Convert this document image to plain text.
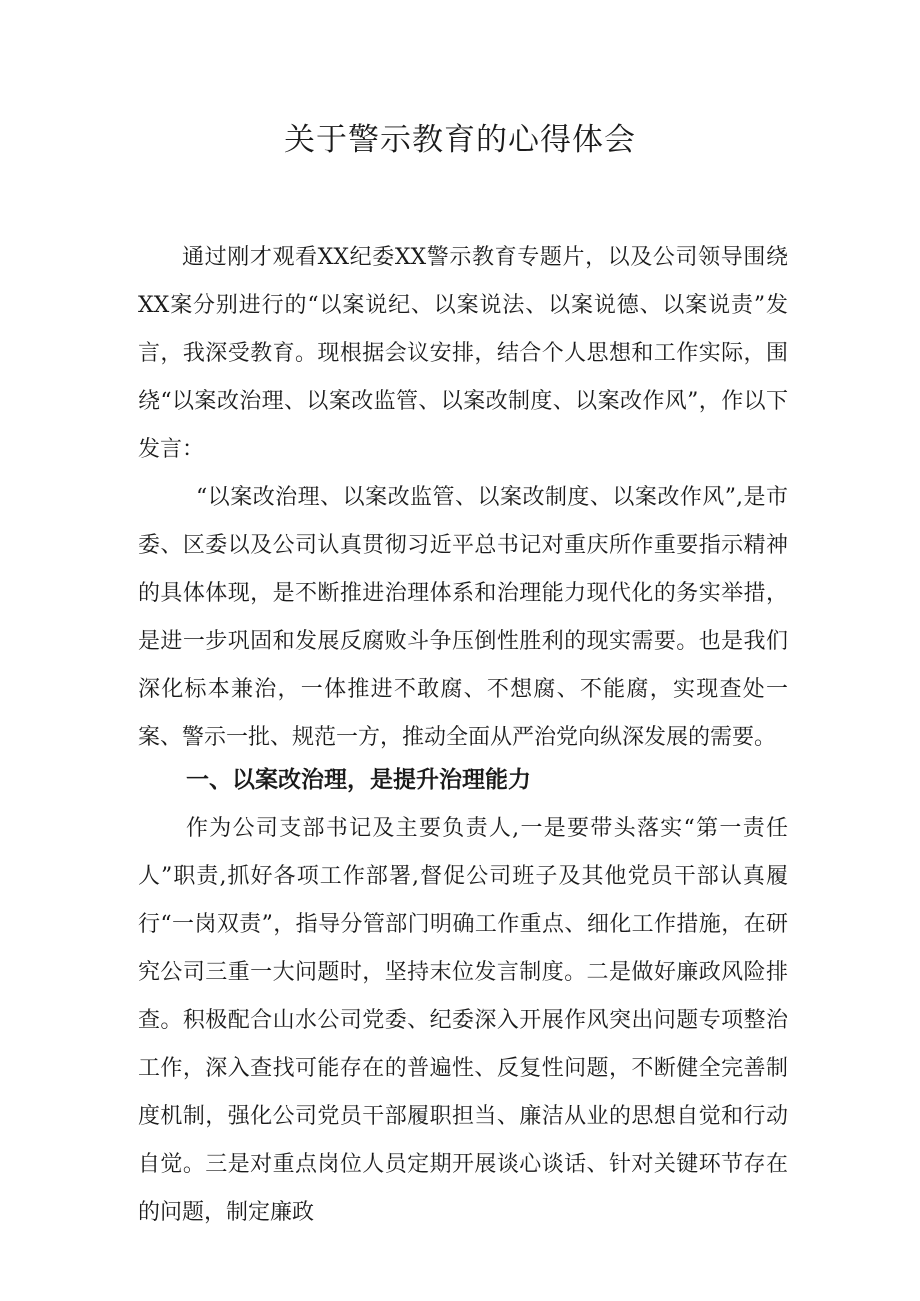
关于警示教育的心得体会

通过刚才观看XX纪委XX警示教育专题片，以及公司领导围绕XX案分别进行的“以案说纪、以案说法、以案说德、以案说责”发言，我深受教育。现根据会议安排，结合个人思想和工作实际，围绕“以案改治理、以案改监管、以案改制度、以案改作风”，作以下发言：

“以案改治理、以案改监管、以案改制度、以案改作风”,是市委、区委以及公司认真贯彻习近平总书记对重庆所作重要指示精神的具体体现，是不断推进治理体系和治理能力现代化的务实举措，是进一步巩固和发展反腐败斗争压倒性胜利的现实需要。也是我们深化标本兼治，一体推进不敢腐、不想腐、不能腐，实现查处一案、警示一批、规范一方，推动全面从严治党向纵深发展的需要。

一、以案改治理，是提升治理能力

作为公司支部书记及主要负责人,一是要带头落实“第一责任人”职责,抓好各项工作部署,督促公司班子及其他党员干部认真履行“一岗双责”，指导分管部门明确工作重点、细化工作措施，在研究公司三重一大问题时，坚持末位发言制度。二是做好廉政风险排查。积极配合山水公司党委、纪委深入开展作风突出问题专项整治工作，深入查找可能存在的普遍性、反复性问题，不断健全完善制度机制，强化公司党员干部履职担当、廉洁从业的思想自觉和行动自觉。三是对重点岗位人员定期开展谈心谈话、针对关键环节存在的问题，制定廉政
